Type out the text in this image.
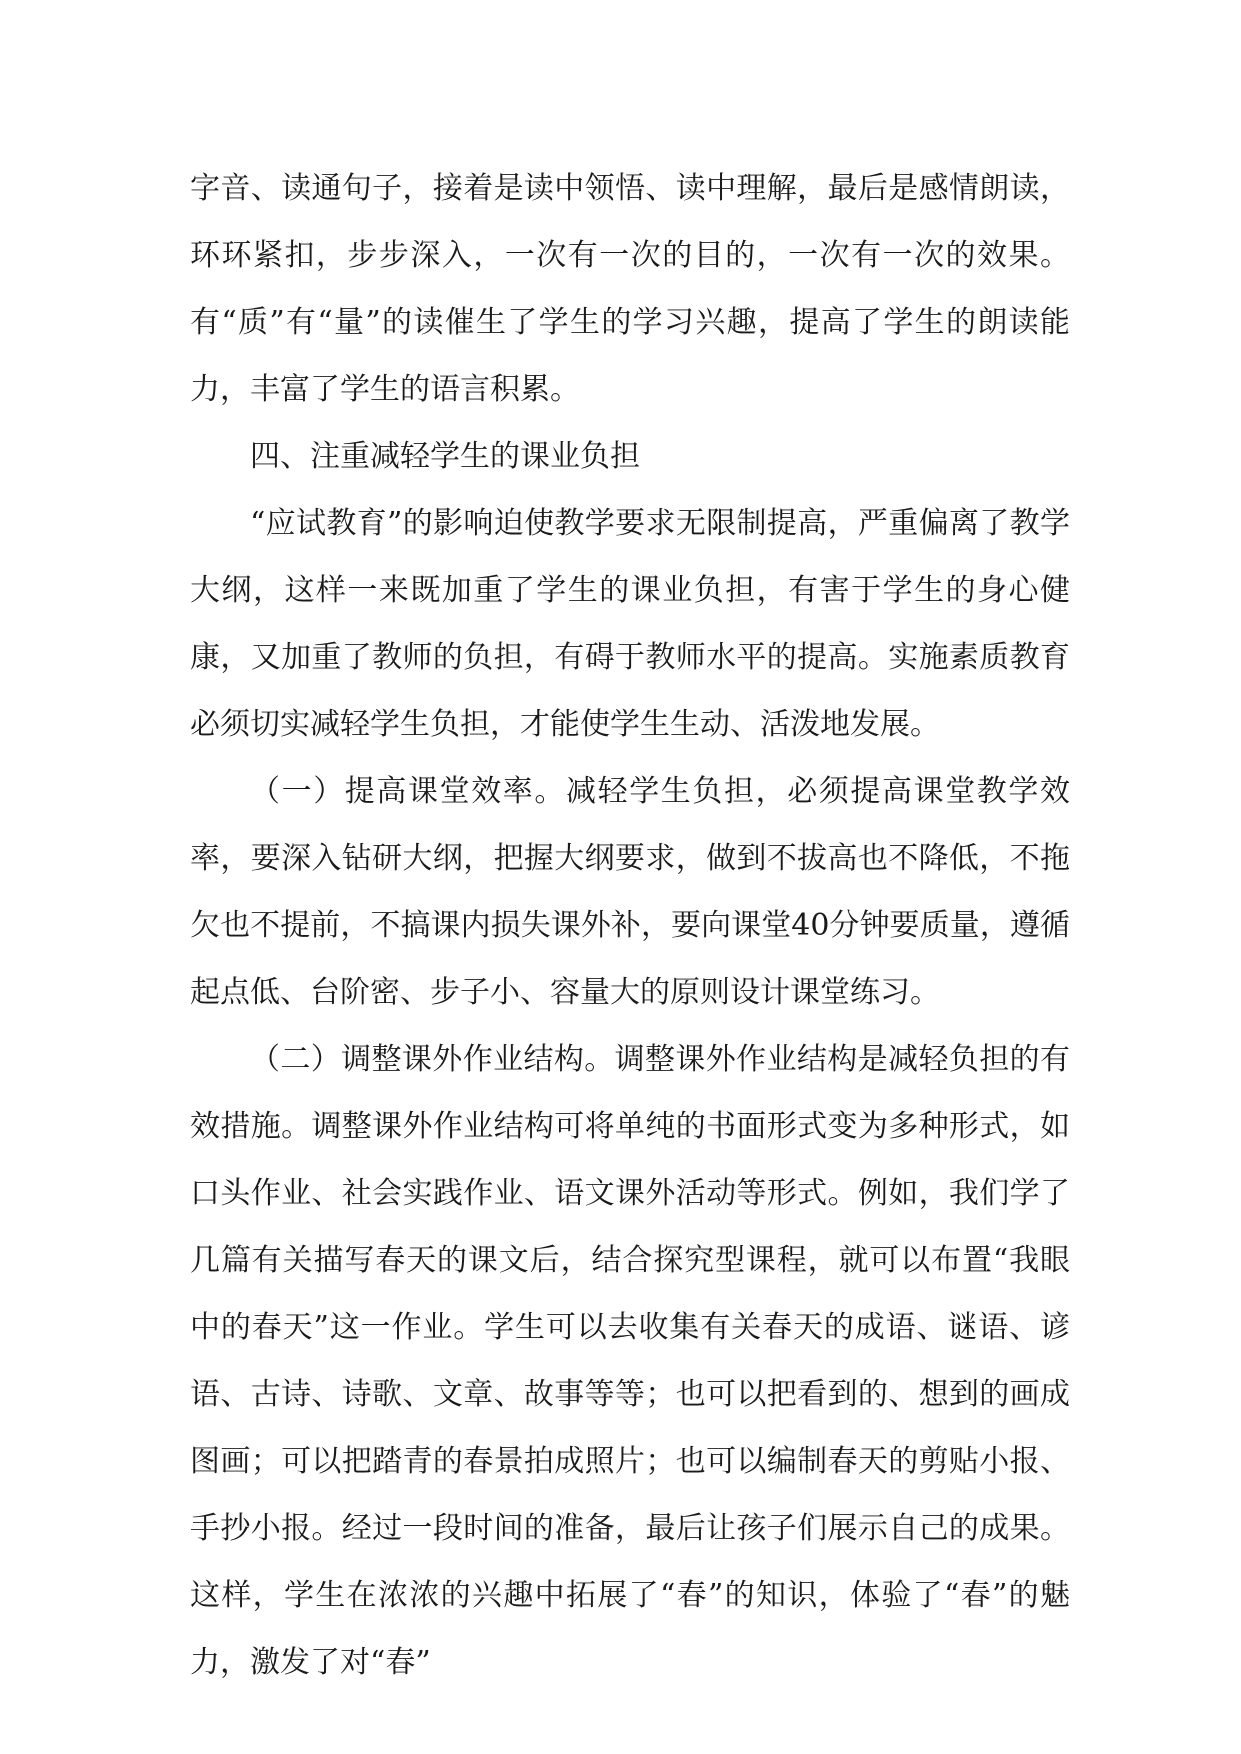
字音、读通句子，接着是读中领悟、读中理解，最后是感情朗读，环环紧扣，步步深入，一次有一次的目的，一次有一次的效果。有“质”有“量”的读催生了学生的学习兴趣，提高了学生的朗读能力，丰富了学生的语言积累。

四、注重减轻学生的课业负担

“应试教育”的影响迫使教学要求无限制提高，严重偏离了教学大纲，这样一来既加重了学生的课业负担，有害于学生的身心健康，又加重了教师的负担，有碍于教师水平的提高。实施素质教育必须切实减轻学生负担，才能使学生生动、活泼地发展。

（一）提高课堂效率。减轻学生负担，必须提高课堂教学效率，要深入钻研大纲，把握大纲要求，做到不拔高也不降低，不拖欠也不提前，不搞课内损失课外补，要向课堂40分钟要质量，遵循起点低、台阶密、步子小、容量大的原则设计课堂练习。

（二）调整课外作业结构。调整课外作业结构是减轻负担的有效措施。调整课外作业结构可将单纯的书面形式变为多种形式，如口头作业、社会实践作业、语文课外活动等形式。例如，我们学了几篇有关描写春天的课文后，结合探究型课程，就可以布置“我眼中的春天”这一作业。学生可以去收集有关春天的成语、谜语、谚语、古诗、诗歌、文章、故事等等；也可以把看到的、想到的画成图画；可以把踏青的春景拍成照片；也可以编制春天的剪贴小报、手抄小报。经过一段时间的准备，最后让孩子们展示自己的成果。这样，学生在浓浓的兴趣中拓展了“春”的知识，体验了“春”的魅力，激发了对“春”
